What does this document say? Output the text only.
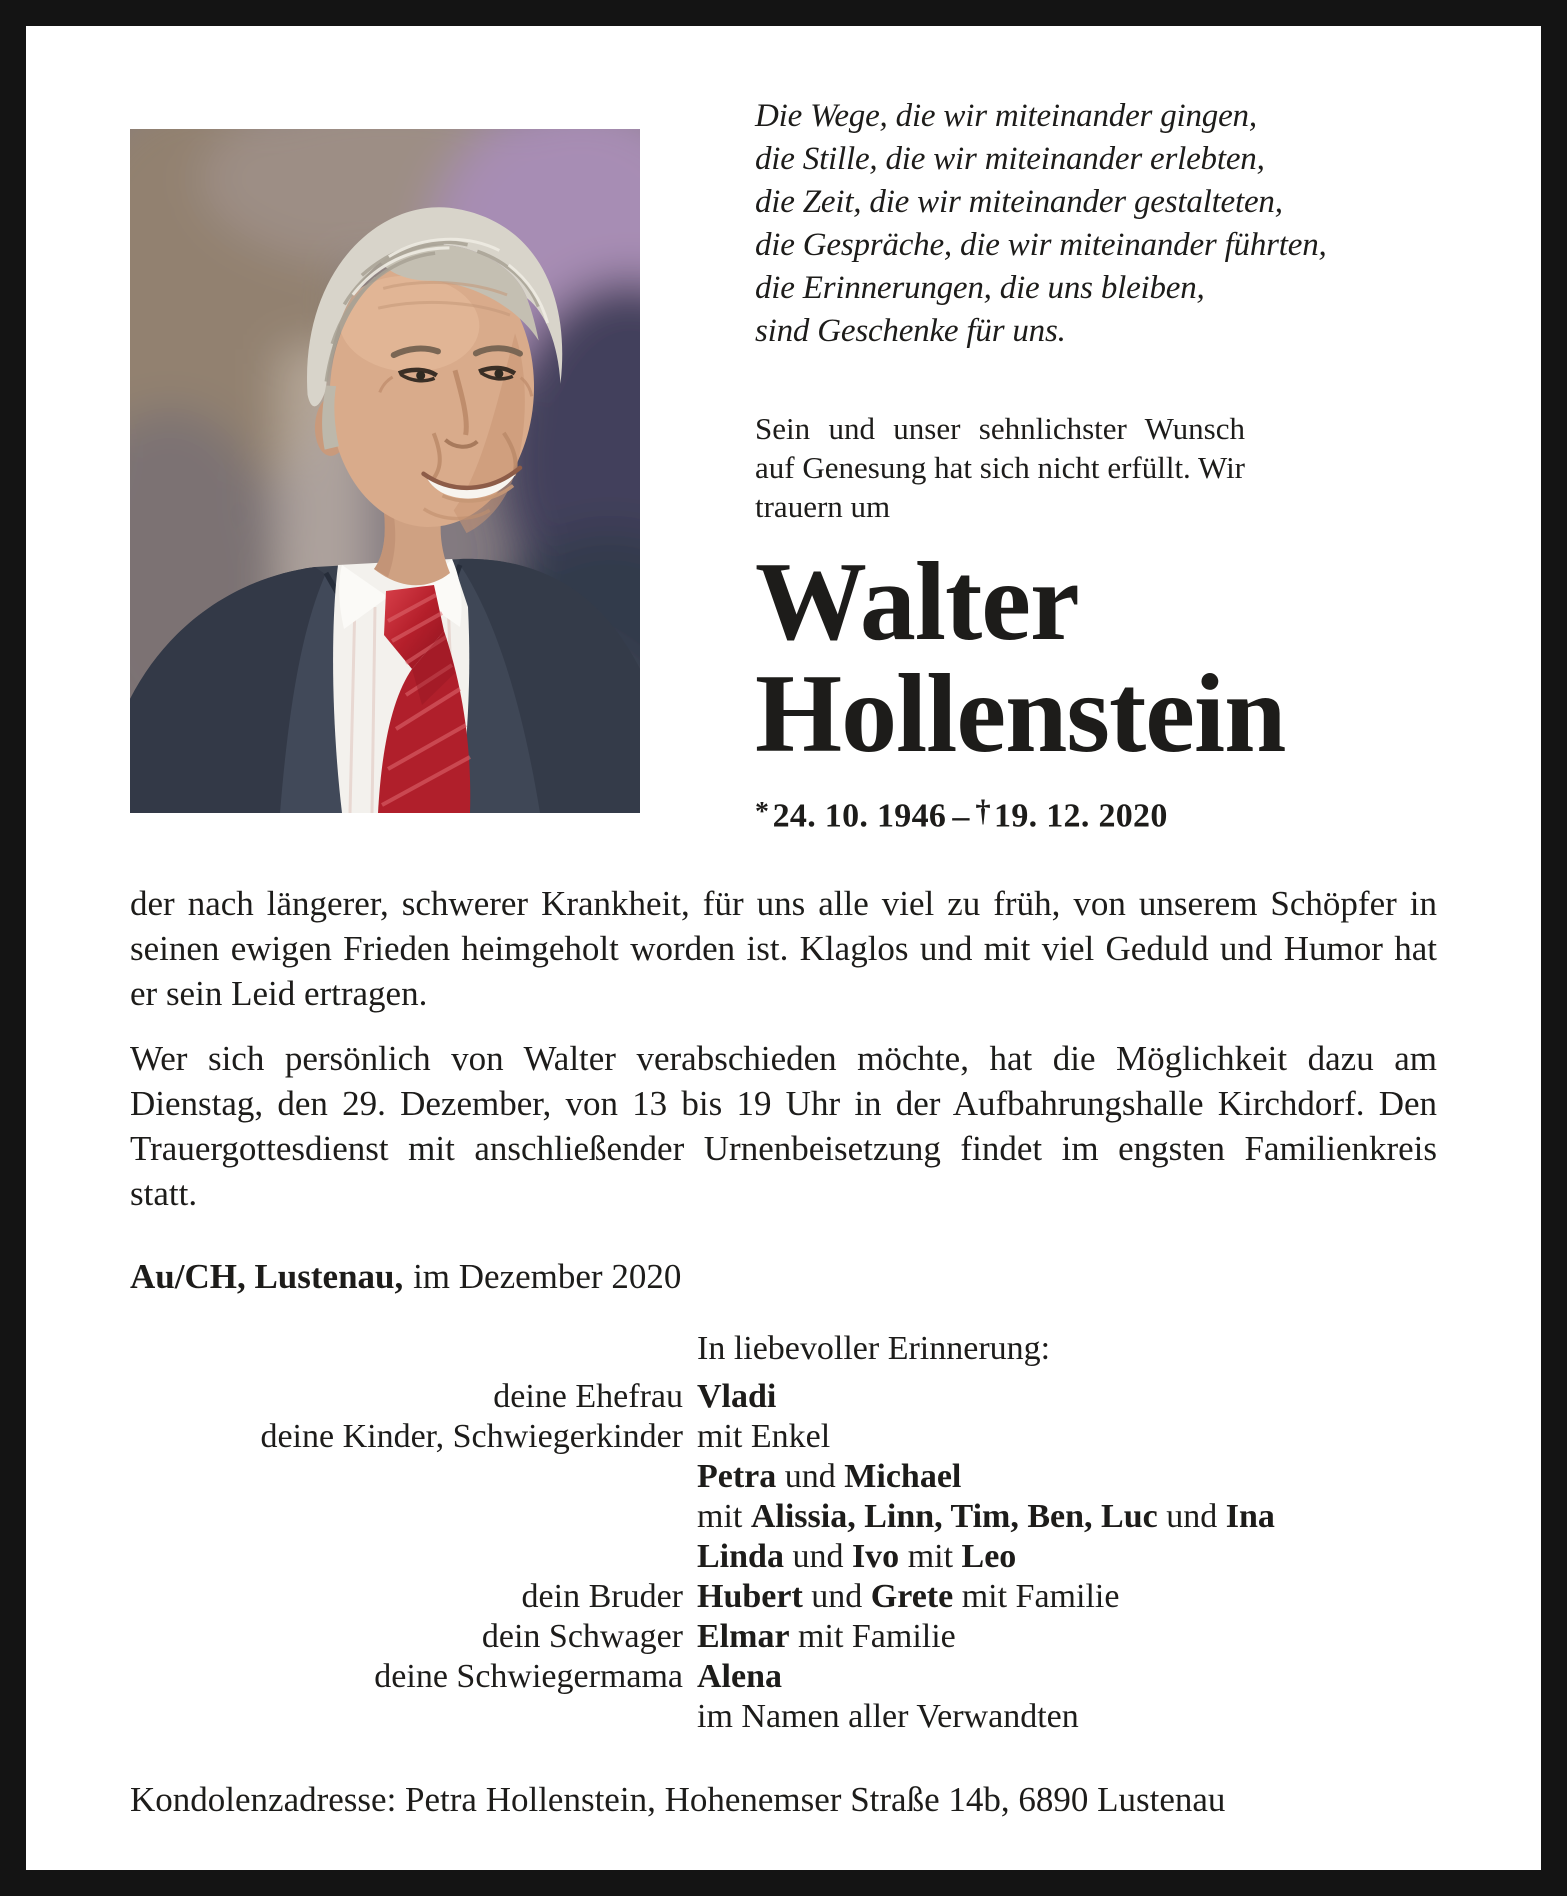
Die Wege, die wir miteinander gingen,
die Stille, die wir miteinander erlebten,
die Zeit, die wir miteinander gestalteten,
die Gespräche, die wir miteinander führten,
die Erinnerungen, die uns bleiben,
sind Geschenke für uns.

Sein und unser sehnlichster Wunsch auf Genesung hat sich nicht erfüllt. Wir trauern um

Walter
Hollenstein
*24. 10. 1946 – †19. 12. 2020

der nach längerer, schwerer Krankheit, für uns alle viel zu früh, von unserem Schöpfer in seinen ewigen Frieden heimgeholt worden ist. Klaglos und mit viel Geduld und Humor hat er sein Leid ertragen.

Wer sich persönlich von Walter verabschieden möchte, hat die Möglichkeit dazu am Dienstag, den 29. Dezember, von 13 bis 19 Uhr in der Aufbahrungshalle Kirchdorf. Den Trauergottesdienst mit anschließender Urnenbeisetzung findet im engsten Familienkreis statt.

Au/CH, Lustenau, im Dezember 2020

In liebevoller Erinnerung:
deine Ehefrau Vladi
deine Kinder, Schwiegerkinder mit Enkel
Petra und Michael
mit Alissia, Linn, Tim, Ben, Luc und Ina
Linda und Ivo mit Leo
dein Bruder Hubert und Grete mit Familie
dein Schwager Elmar mit Familie
deine Schwiegermama Alena
im Namen aller Verwandten

Kondolenzadresse: Petra Hollenstein, Hohenemser Straße 14b, 6890 Lustenau
